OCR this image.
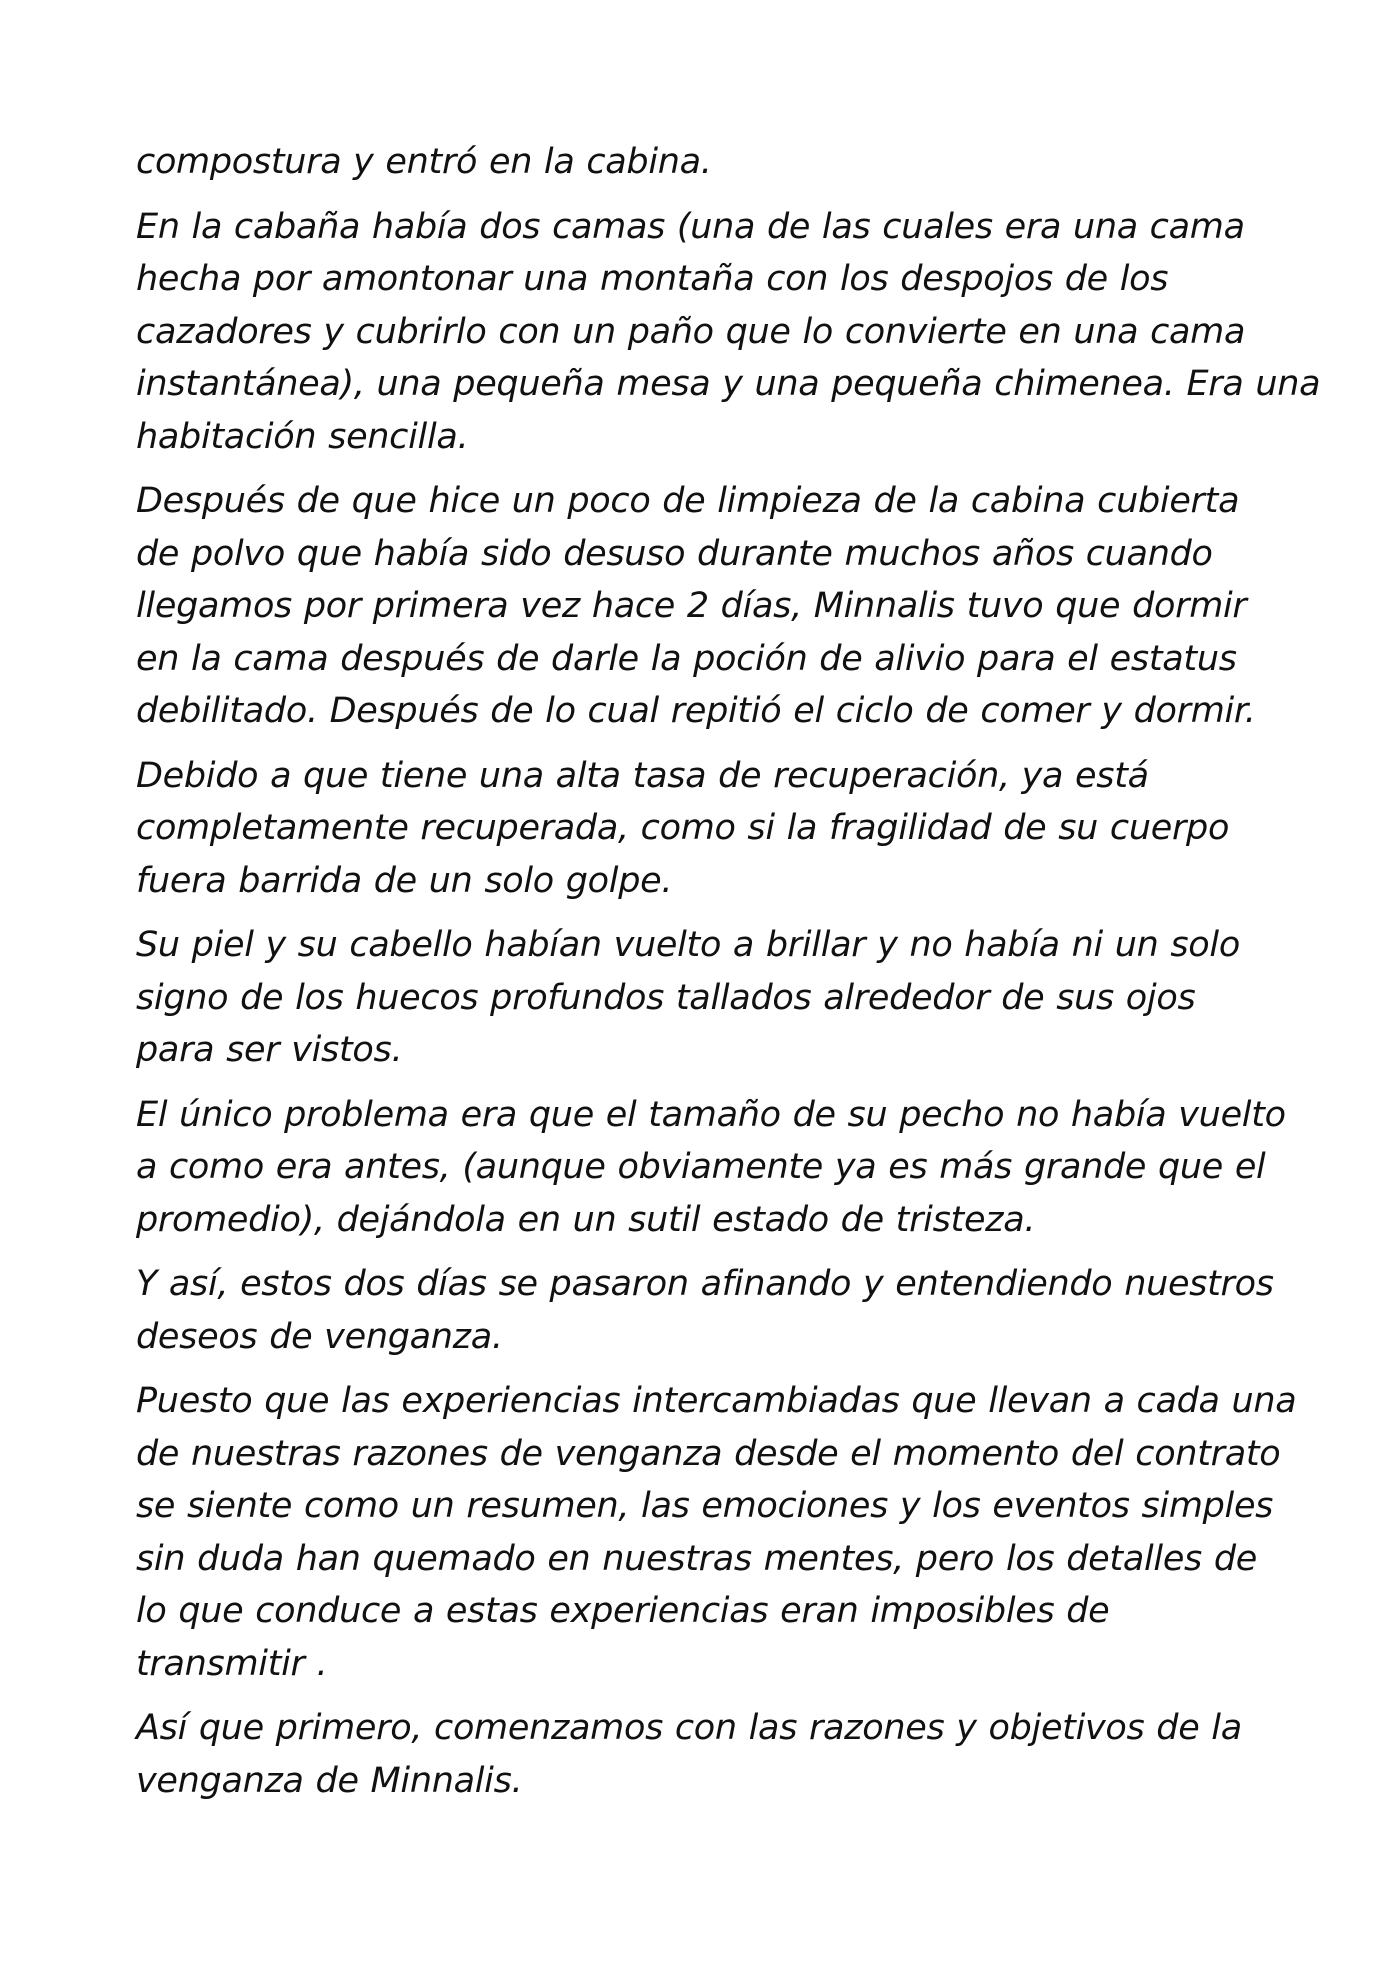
compostura y entró en la cabina.

En la cabaña había dos camas (una de las cuales era una cama
hecha por amontonar una montaña con los despojos de los
cazadores y cubrirlo con un paño que lo convierte en una cama
instantánea), una pequeña mesa y una pequeña chimenea. Era una
habitación sencilla.

Después de que hice un poco de limpieza de la cabina cubierta
de polvo que había sido desuso durante muchos años cuando
llegamos por primera vez hace 2 días, Minnalis tuvo que dormir
en la cama después de darle la poción de alivio para el estatus
debilitado. Después de lo cual repitió el ciclo de comer y dormir.

Debido a que tiene una alta tasa de recuperación, ya está
completamente recuperada, como si la fragilidad de su cuerpo
fuera barrida de un solo golpe.

Su piel y su cabello habían vuelto a brillar y no había ni un solo
signo de los huecos profundos tallados alrededor de sus ojos
para ser vistos.

El único problema era que el tamaño de su pecho no había vuelto
a como era antes, (aunque obviamente ya es más grande que el
promedio), dejándola en un sutil estado de tristeza.

Y así, estos dos días se pasaron afinando y entendiendo nuestros
deseos de venganza.

Puesto que las experiencias intercambiadas que llevan a cada una
de nuestras razones de venganza desde el momento del contrato
se siente como un resumen, las emociones y los eventos simples
sin duda han quemado en nuestras mentes, pero los detalles de
lo que conduce a estas experiencias eran imposibles de
transmitir .

Así que primero, comenzamos con las razones y objetivos de la
venganza de Minnalis.
